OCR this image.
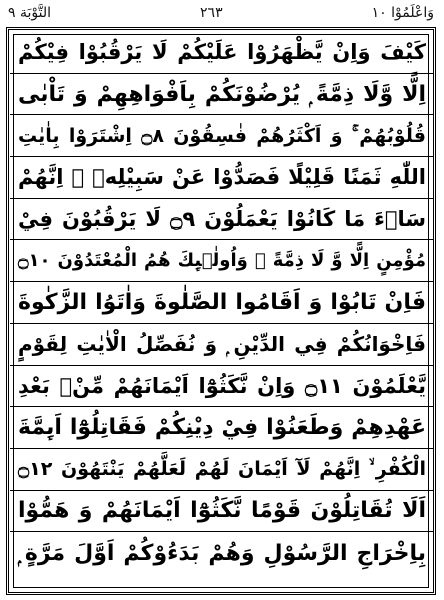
التَّوْبَة ٩	٢٦٣	وَاعْلَمُوْا ١٠
كَيْفَ وَاِنْ يَّظْهَرُوْا عَلَيْكُمْ لَا يَرْقُبُوْا فِيْكُمْ
اِلًّا وَّلَا ذِمَّةً ۭ يُرْضُوْنَكُمْ بِاَفْوَاهِهِمْ وَ تَاْبٰى
قُلُوْبُهُمْ ۚ وَ اَكْثَرُهُمْ فٰسِقُوْنَ ۝٨ اِشْتَرَوْا بِاٰيٰتِ
اللّٰهِ ثَمَنًا قَلِيْلًا فَصَدُّوْا عَنْ سَبِيْلِهٖ ۭ اِنَّهُمْ
سَاۗءَ مَا كَانُوْا يَعْمَلُوْنَ ۝٩ لَا يَرْقُبُوْنَ فِيْ
مُؤْمِنٍ اِلًّا وَّ لَا ذِمَّةً ۭ وَاُولٰۗىِٕكَ هُمُ الْمُعْتَدُوْنَ ۝١٠
فَاِنْ تَابُوْا وَ اَقَامُوا الصَّلٰوةَ وَاٰتَوُا الزَّكٰوةَ
فَاِخْوَانُكُمْ فِي الدِّيْنِ ۭ وَ نُفَصِّلُ الْاٰيٰتِ لِقَوْمٍ
يَّعْلَمُوْنَ ۝١١ وَاِنْ نَّكَثُوْٓا اَيْمَانَهُمْ مِّنْۢ بَعْدِ
عَهْدِهِمْ وَطَعَنُوْا فِيْ دِيْنِكُمْ فَقَاتِلُوْٓا اَىِٕمَّةَ
الْكُفْرِ ۙ اِنَّهُمْ لَآ اَيْمَانَ لَهُمْ لَعَلَّهُمْ يَنْتَهُوْنَ ۝١٢
اَلَا تُقَاتِلُوْنَ قَوْمًا نَّكَثُوْٓا اَيْمَانَهُمْ وَ هَمُّوْا
بِاِخْرَاجِ الرَّسُوْلِ وَهُمْ بَدَءُوْكُمْ اَوَّلَ مَرَّةٍ ۭ
